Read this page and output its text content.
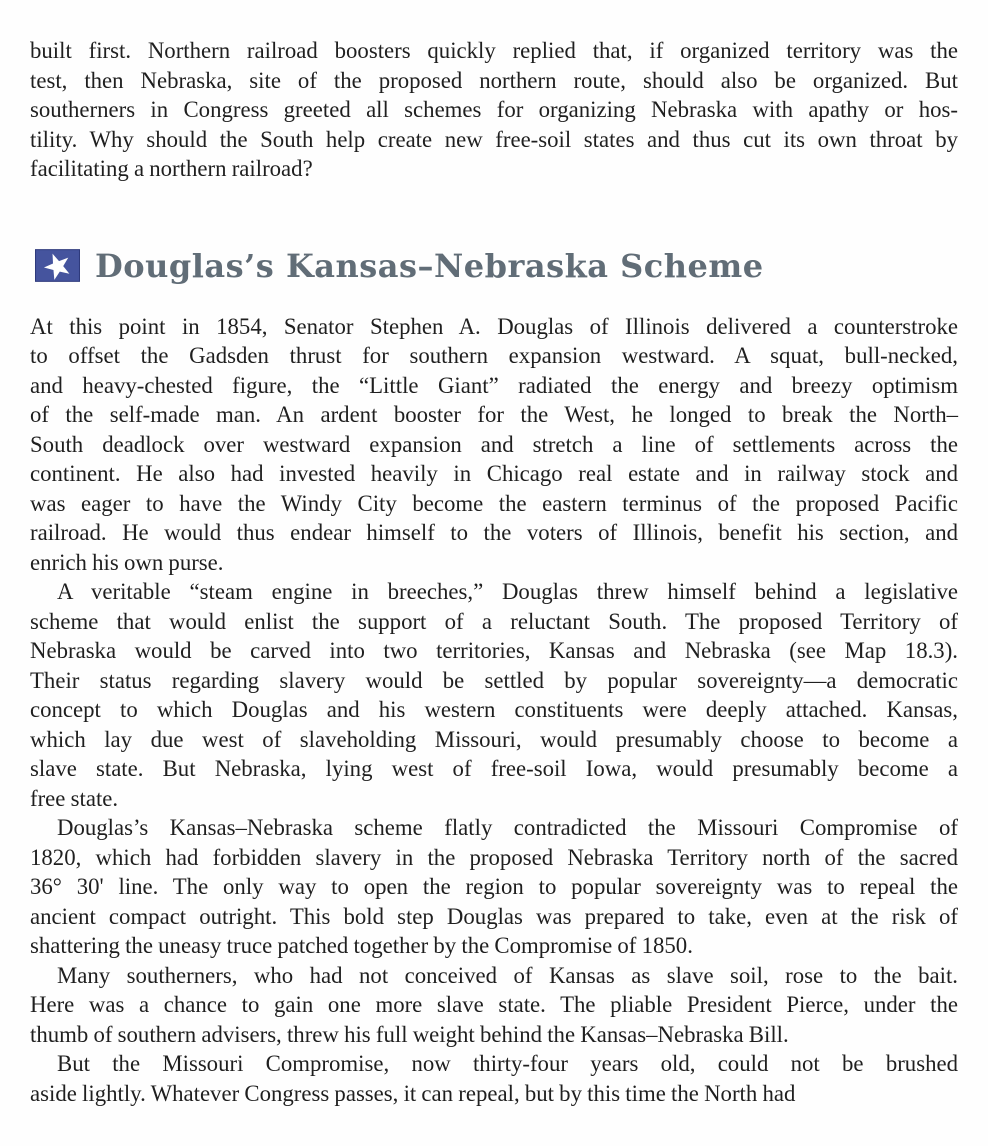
built first. Northern railroad boosters quickly replied that, if organized territory was the
test, then Nebraska, site of the proposed northern route, should also be organized. But
southerners in Congress greeted all schemes for organizing Nebraska with apathy or hos-
tility. Why should the South help create new free-soil states and thus cut its own throat by
facilitating a northern railroad?
Douglas’s Kansas–Nebraska Scheme
At this point in 1854, Senator Stephen A. Douglas of Illinois delivered a counterstroke
to offset the Gadsden thrust for southern expansion westward. A squat, bull-necked,
and heavy-chested figure, the “Little Giant” radiated the energy and breezy optimism
of the self-made man. An ardent booster for the West, he longed to break the North–
South deadlock over westward expansion and stretch a line of settlements across the
continent. He also had invested heavily in Chicago real estate and in railway stock and
was eager to have the Windy City become the eastern terminus of the proposed Pacific
railroad. He would thus endear himself to the voters of Illinois, benefit his section, and
enrich his own purse.
A veritable “steam engine in breeches,” Douglas threw himself behind a legislative
scheme that would enlist the support of a reluctant South. The proposed Territory of
Nebraska would be carved into two territories, Kansas and Nebraska (see Map 18.3).
Their status regarding slavery would be settled by popular sovereignty—a democratic
concept to which Douglas and his western constituents were deeply attached. Kansas,
which lay due west of slaveholding Missouri, would presumably choose to become a
slave state. But Nebraska, lying west of free-soil Iowa, would presumably become a
free state.
Douglas’s Kansas–Nebraska scheme flatly contradicted the Missouri Compromise of
1820, which had forbidden slavery in the proposed Nebraska Territory north of the sacred
36° 30' line. The only way to open the region to popular sovereignty was to repeal the
ancient compact outright. This bold step Douglas was prepared to take, even at the risk of
shattering the uneasy truce patched together by the Compromise of 1850.
Many southerners, who had not conceived of Kansas as slave soil, rose to the bait.
Here was a chance to gain one more slave state. The pliable President Pierce, under the
thumb of southern advisers, threw his full weight behind the Kansas–Nebraska Bill.
But the Missouri Compromise, now thirty-four years old, could not be brushed
aside lightly. Whatever Congress passes, it can repeal, but by this time the North had
